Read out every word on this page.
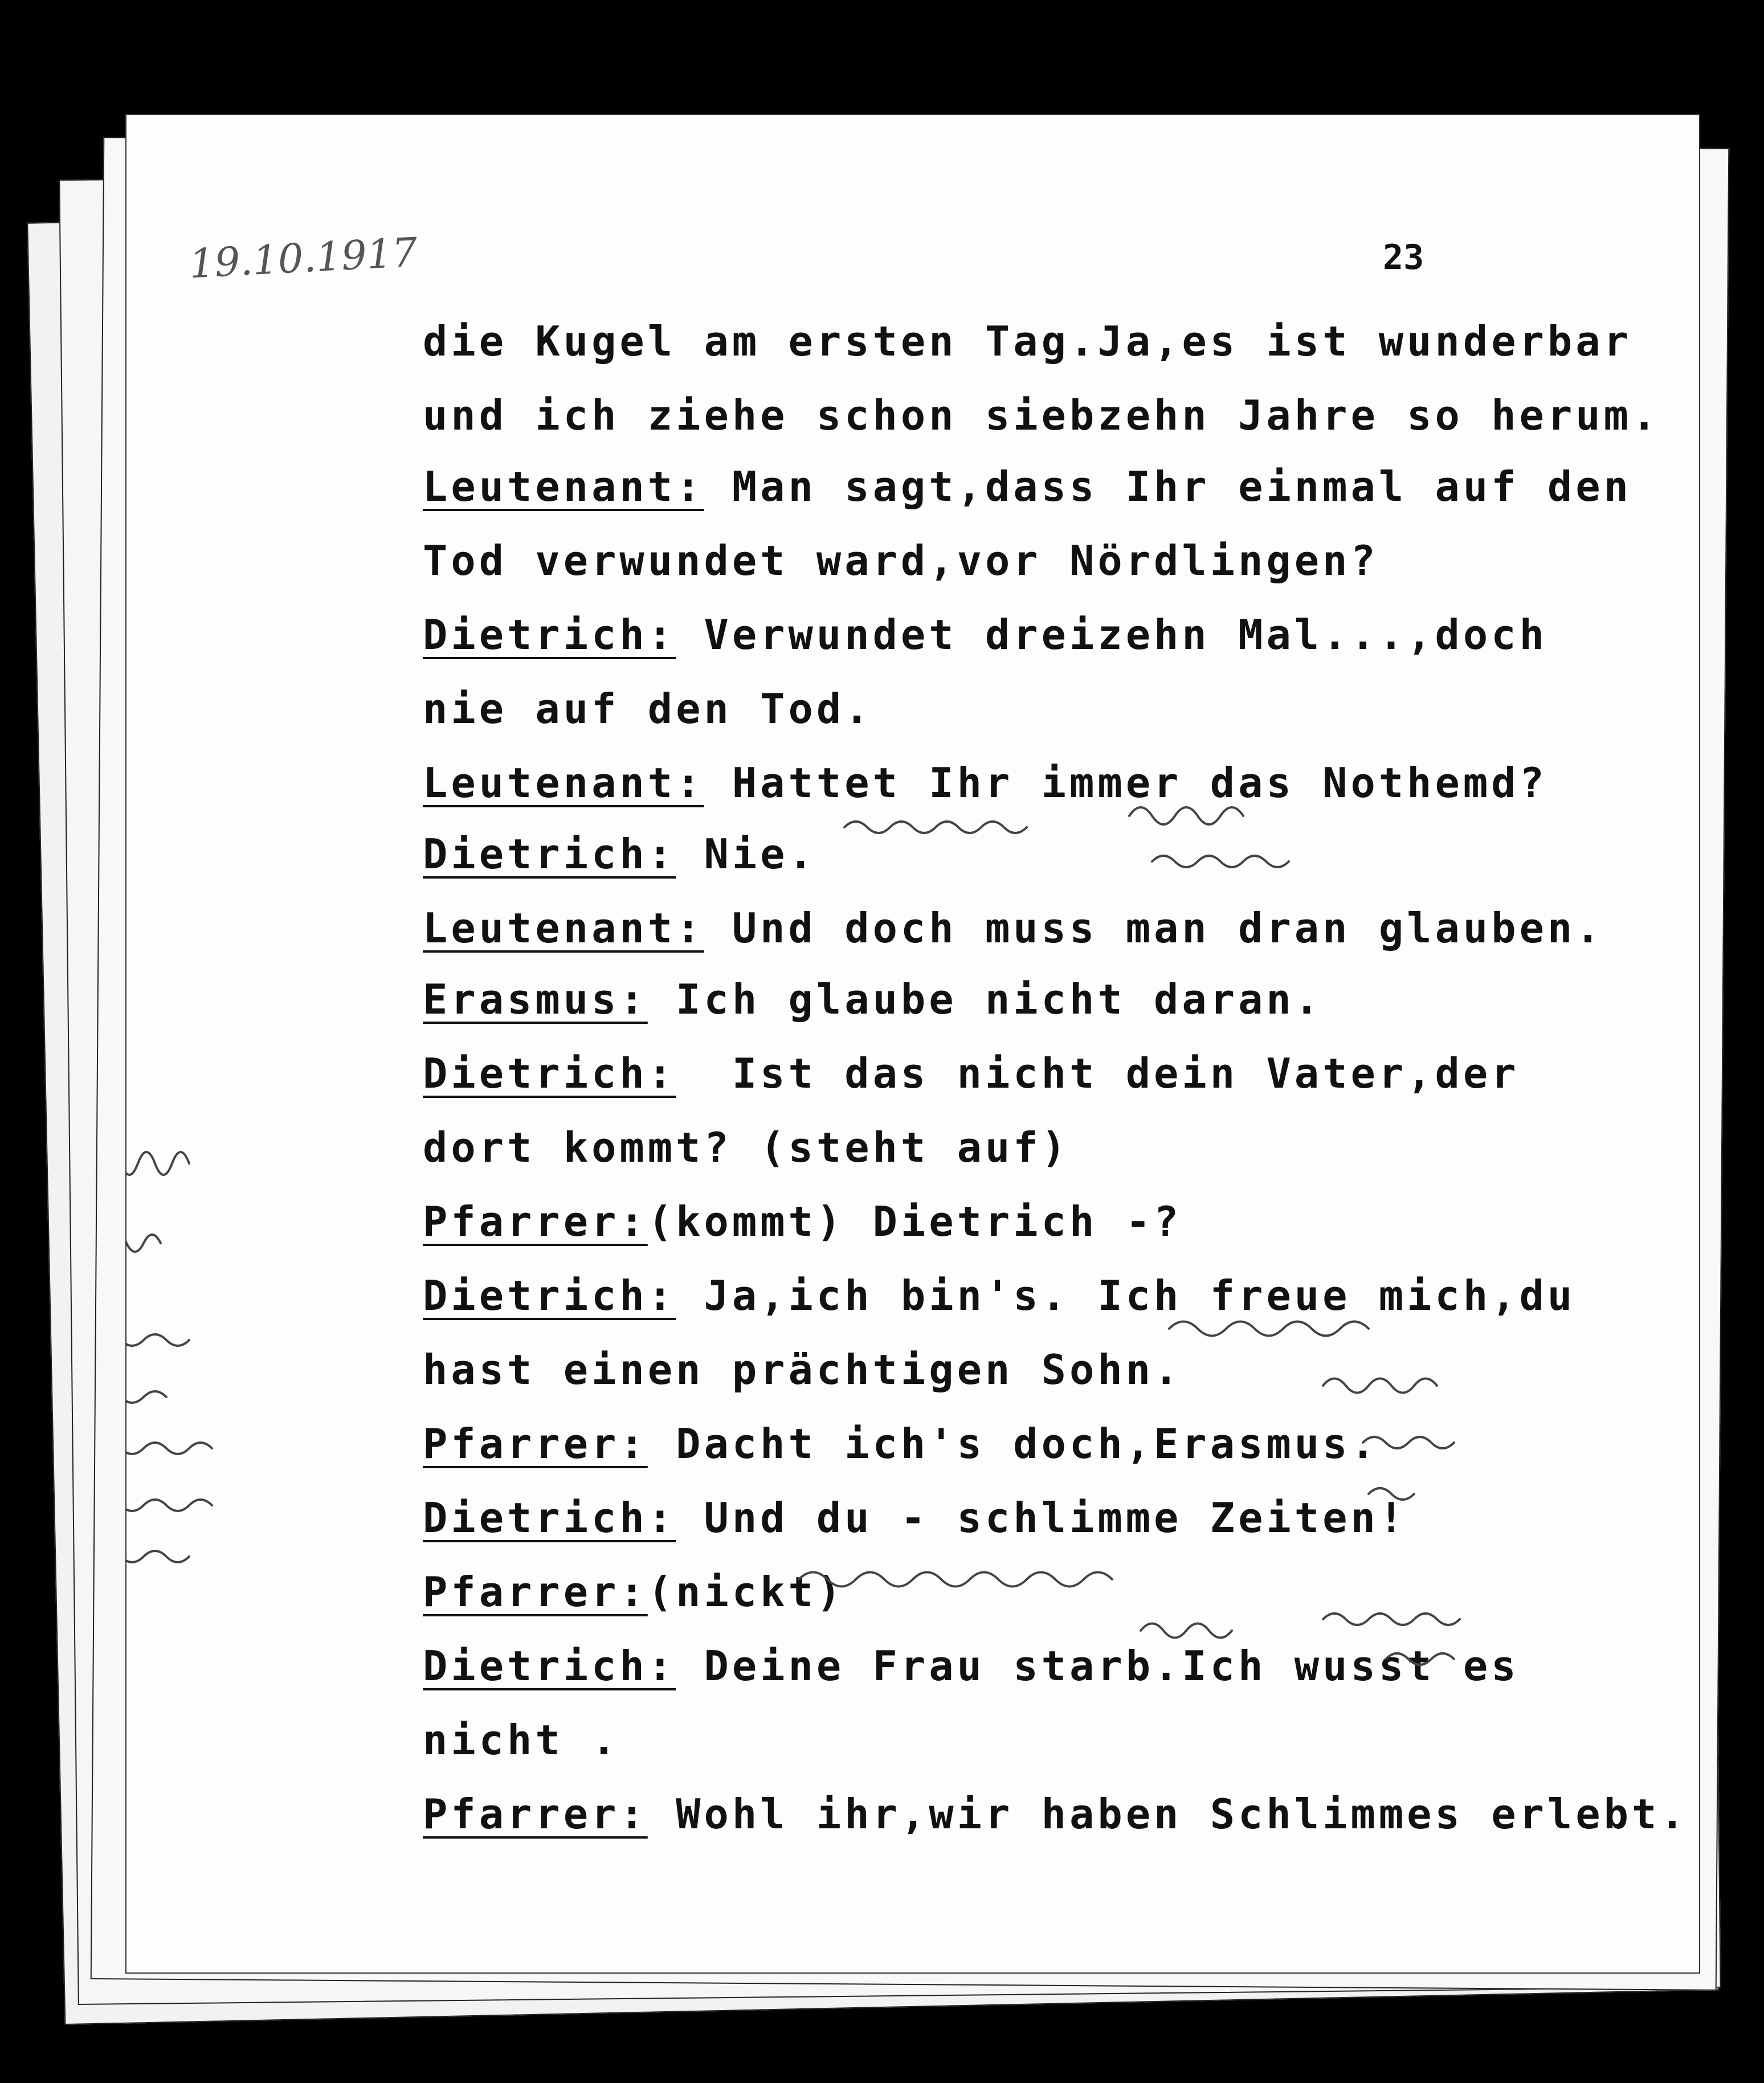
19.10.1917	23
die Kugel am ersten Tag.Ja,es ist wunderbar
und ich ziehe schon siebzehn Jahre so herum.
Leutenant: Man sagt,dass Ihr einmal auf den
Tod verwundet ward,vor Nördlingen?
Dietrich: Verwundet dreizehn Mal...,doch
nie auf den Tod.
Leutenant: Hattet Ihr immer das Nothemd?
Dietrich: Nie.
Leutenant: Und doch muss man dran glauben.
Erasmus: Ich glaube nicht daran.
Dietrich:  Ist das nicht dein Vater,der
dort kommt? (steht auf)
Pfarrer:(kommt) Dietrich -?
Dietrich: Ja,ich bin's. Ich freue mich,du
hast einen prächtigen Sohn.
Pfarrer: Dacht ich's doch,Erasmus.
Dietrich: Und du - schlimme Zeiten!
Pfarrer:(nickt)
Dietrich: Deine Frau starb.Ich wusst es
nicht .
Pfarrer: Wohl ihr,wir haben Schlimmes erlebt.
